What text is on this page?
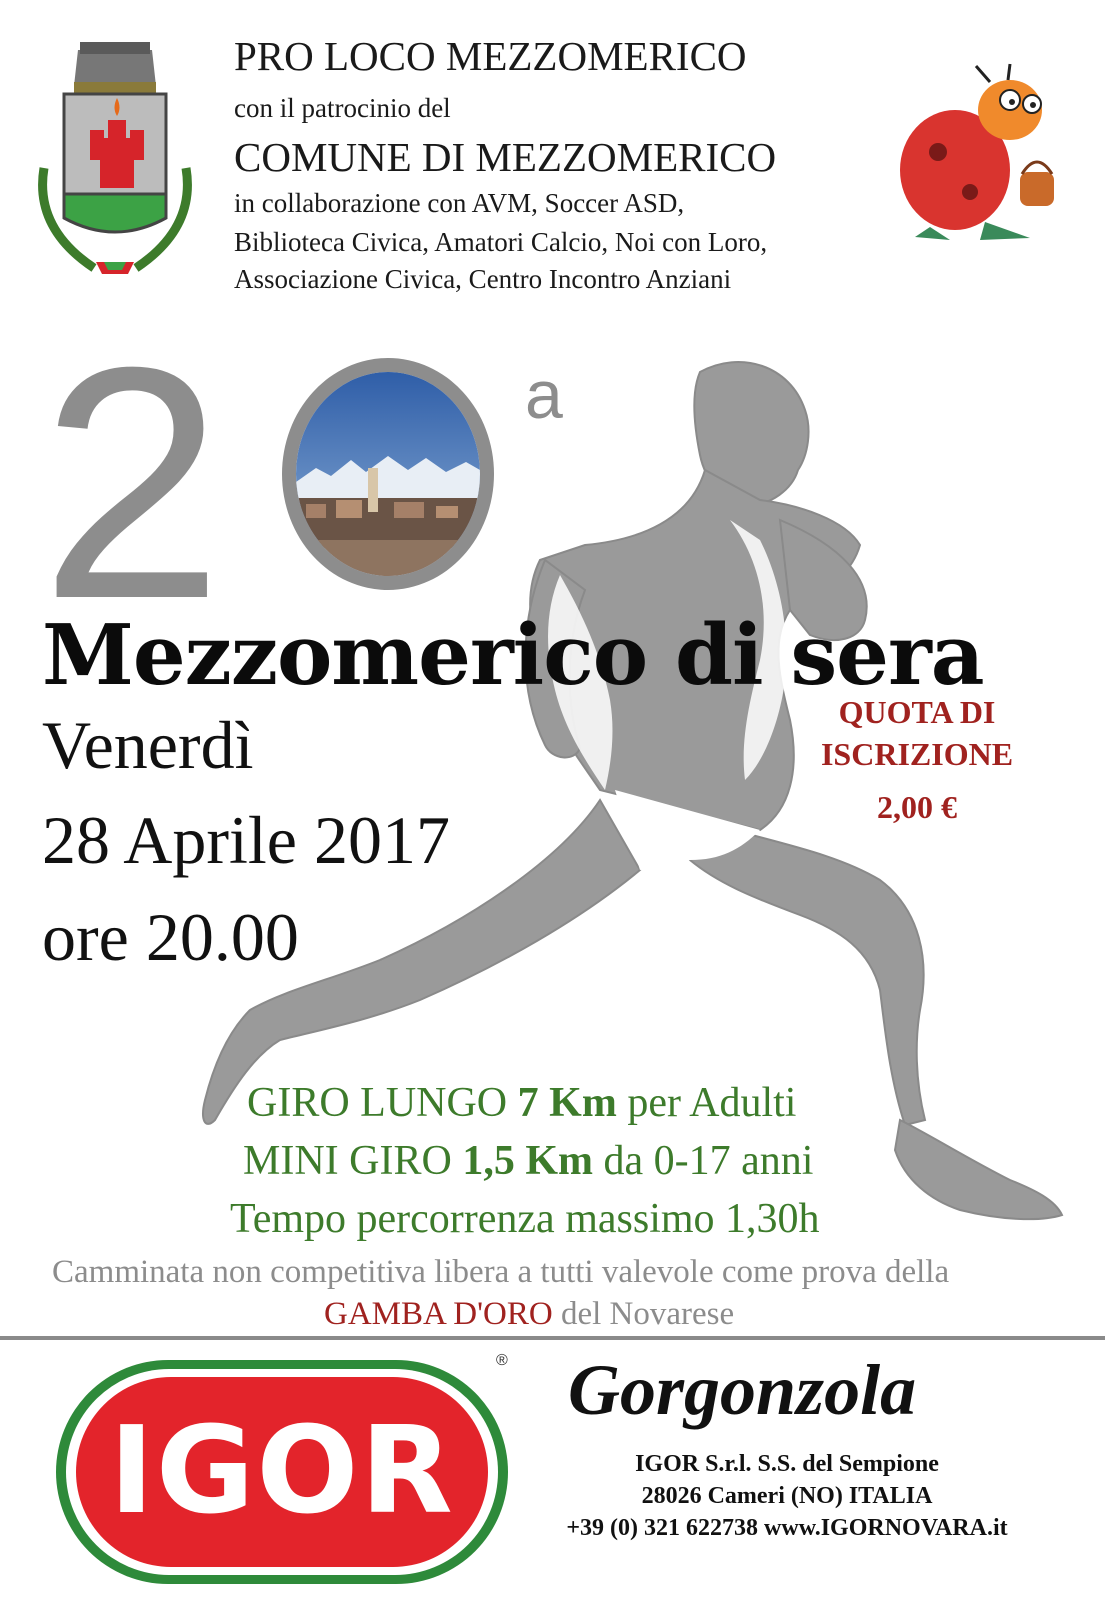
PRO LOCO MEZZOMERICO
con il patrocinio del
COMUNE DI MEZZOMERICO
in collaborazione con AVM, Soccer ASD,
Biblioteca Civica, Amatori Calcio, Noi con Loro,
Associazione Civica, Centro Incontro Anziani
2	a
Mezzomerico di sera
Venerdì
28 Aprile 2017
ore 20.00
QUOTA DI
ISCRIZIONE
2,00 €
GIRO LUNGO 7 Km per Adulti
MINI GIRO 1,5 Km da 0-17 anni
Tempo percorrenza massimo 1,30h
Camminata non competitiva libera a tutti valevole come prova della
GAMBA D'ORO del Novarese
IGOR
® Gorgonzola
IGOR S.r.l. S.S. del Sempione
28026 Cameri (NO) ITALIA
+39 (0) 321 622738 www.IGORNOVARA.it
